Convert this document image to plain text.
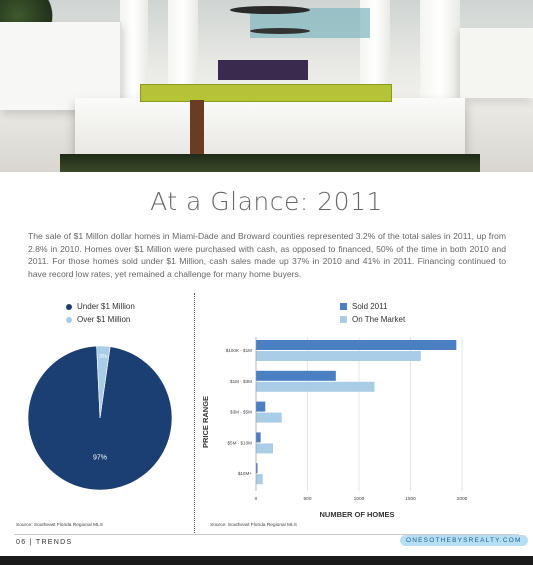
At a Glance: 2011
The sale of $1 Millon dollar homes in Miami-Dade and Broward counties represented 3.2% of the total sales in 2011, up from 2.8% in 2010. Homes over $1 Million were purchased with cash, as opposed to financed, 50% of the time in both 2010 and 2011. For those homes sold under $1 Million, cash sales made up 37% in 2010 and 41% in 2011. Financing continued to have record low rates, yet remained a challenge for many home buyers.
Under $1 Million
Over $1 Million
Sold 2011
On The Market
97%
3%
0	500	1000	1500	2000
$100K - $1M
$1M - $3M
$3M - $5M
$5M - $10M
$10M+
NUMBER OF HOMES
PRICE RANGE
Source: Southeast Florida Regional MLS	Source: Southeast Florida Regional MLS
06 | TRENDS	ONESOTHEBYSREALTY.COM
